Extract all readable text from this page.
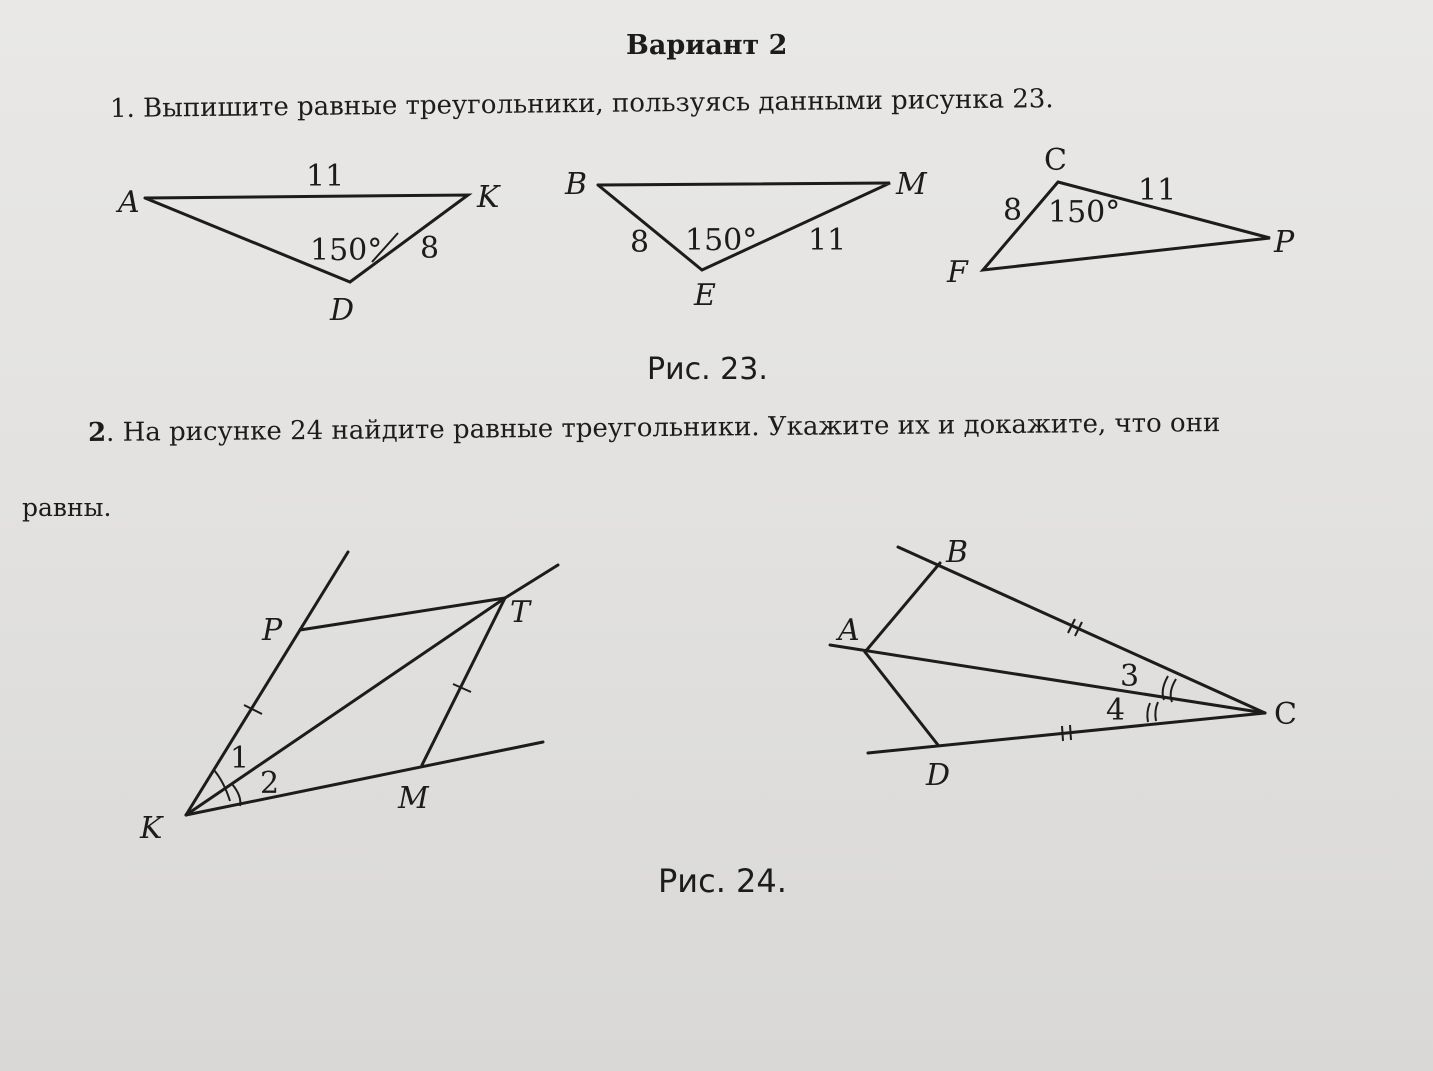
Вариант 2
1. Выпишите равные треугольники, пользуясь данными рисунка 23.
A	K
D
11
150° 8
B	M
E
8 150° 11
C
P
F
8 150°
11
P
T
K
M
1
2
B
A
C
D
3
4
Рис. 23.
2. На рисунке 24 найдите равные треугольники. Укажите их и докажите, что они
равны.
Рис. 24.
